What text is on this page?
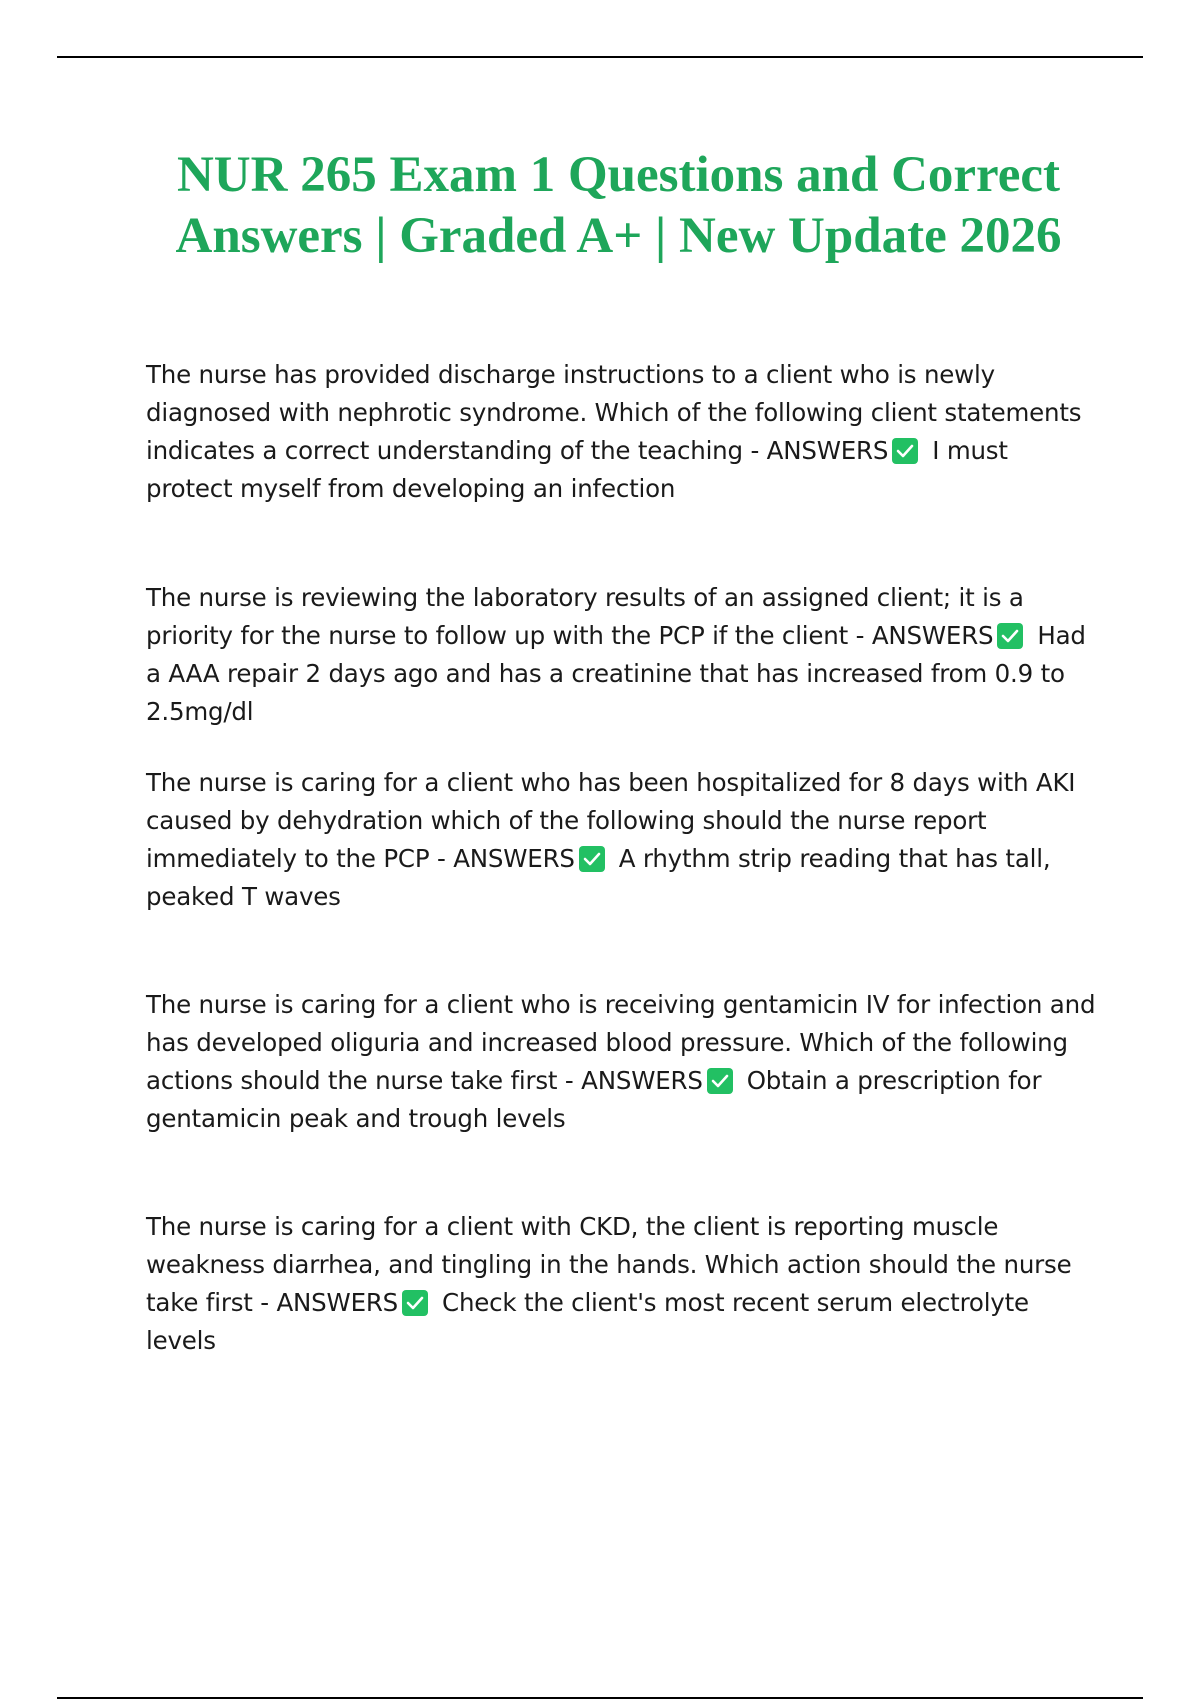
NUR 265 Exam 1 Questions and Correct Answers | Graded A+ | New Update 2026

The nurse has provided discharge instructions to a client who is newly diagnosed with nephrotic syndrome. Which of the following client statements indicates a correct understanding of the teaching - ANSWERS I must protect myself from developing an infection

The nurse is reviewing the laboratory results of an assigned client; it is a priority for the nurse to follow up with the PCP if the client - ANSWERS Had a AAA repair 2 days ago and has a creatinine that has increased from 0.9 to 2.5mg/dl

The nurse is caring for a client who has been hospitalized for 8 days with AKI caused by dehydration which of the following should the nurse report immediately to the PCP - ANSWERS A rhythm strip reading that has tall, peaked T waves

The nurse is caring for a client who is receiving gentamicin IV for infection and has developed oliguria and increased blood pressure. Which of the following actions should the nurse take first - ANSWERS Obtain a prescription for gentamicin peak and trough levels

The nurse is caring for a client with CKD, the client is reporting muscle weakness diarrhea, and tingling in the hands. Which action should the nurse take first - ANSWERS Check the client's most recent serum electrolyte levels
